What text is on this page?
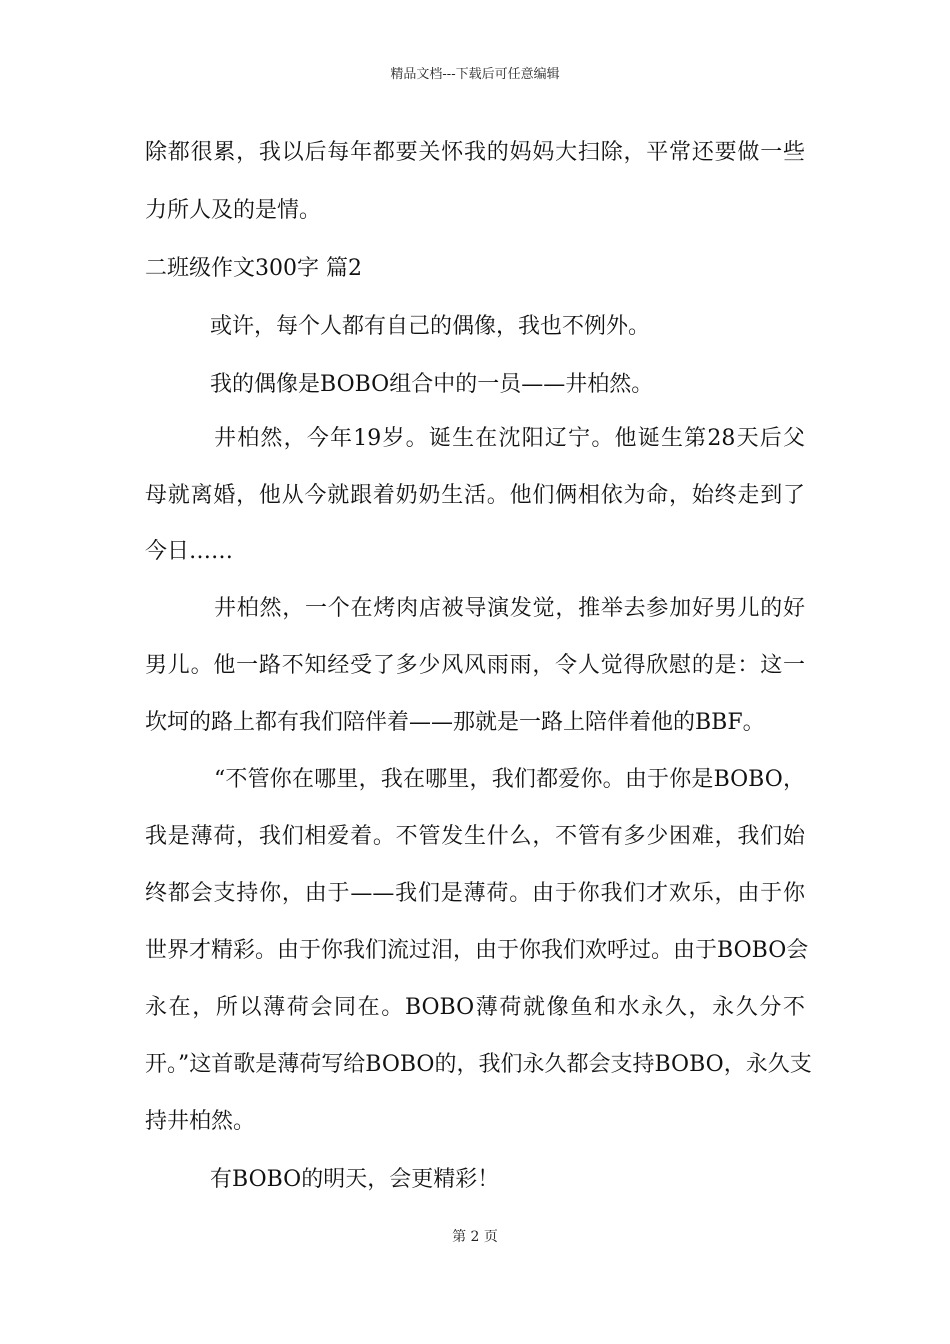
精品文档---下载后可任意编辑
除都很累，我以后每年都要关怀我的妈妈大扫除，平常还要做一些
力所人及的是情。
二班级作文300字 篇2
或许，每个人都有自己的偶像，我也不例外。
我的偶像是BOBO组合中的一员——井柏然。
井柏然，今年19岁。诞生在沈阳辽宁。他诞生第28天后父
母就离婚，他从今就跟着奶奶生活。他们俩相依为命，始终走到了
今日……
井柏然，一个在烤肉店被导演发觉，推举去参加好男儿的好
男儿。他一路不知经受了多少风风雨雨，令人觉得欣慰的是：这一
坎坷的路上都有我们陪伴着——那就是一路上陪伴着他的BBF。
“不管你在哪里，我在哪里，我们都爱你。由于你是BOBO，
我是薄荷，我们相爱着。不管发生什么，不管有多少困难，我们始
终都会支持你，由于——我们是薄荷。由于你我们才欢乐，由于你
世界才精彩。由于你我们流过泪，由于你我们欢呼过。由于BOBO会
永在，所以薄荷会同在。BOBO薄荷就像鱼和水永久，永久分不
开。”这首歌是薄荷写给BOBO的，我们永久都会支持BOBO，永久支
持井柏然。
有BOBO的明天，会更精彩！
第 2 页
